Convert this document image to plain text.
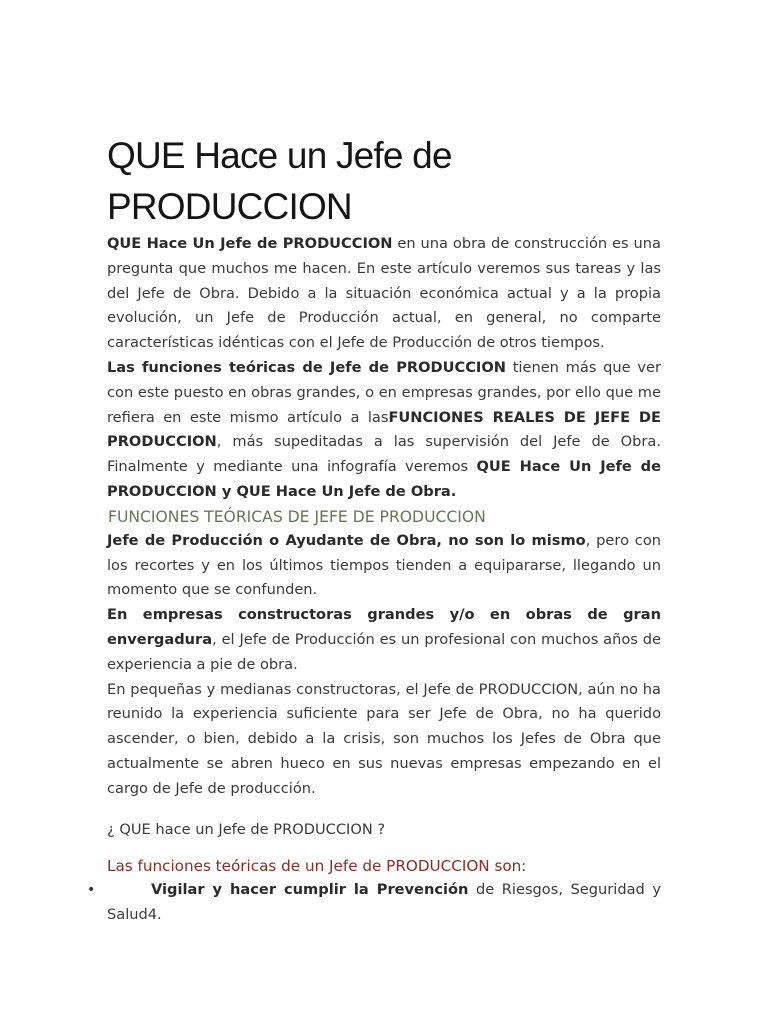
QUE Hace un Jefe de
PRODUCCION

QUE Hace Un Jefe de PRODUCCION en una obra de construcción es una pregunta que muchos me hacen. En este artículo veremos sus tareas y las del Jefe de Obra. Debido a la situación económica actual y a la propia evolución, un Jefe de Producción actual, en general, no comparte características idénticas con el Jefe de Producción de otros tiempos.

Las funciones teóricas de Jefe de PRODUCCION tienen más que ver con este puesto en obras grandes, o en empresas grandes, por ello que me refiera en este mismo artículo a lasFUNCIONES REALES DE JEFE DE PRODUCCION, más supeditadas a las supervisión del Jefe de Obra. Finalmente y mediante una infografía veremos QUE Hace Un Jefe de PRODUCCION y QUE Hace Un Jefe de Obra.

FUNCIONES TEÓRICAS DE JEFE DE PRODUCCION

Jefe de Producción o Ayudante de Obra, no son lo mismo, pero con los recortes y en los últimos tiempos tienden a equipararse, llegando un momento que se confunden.

En empresas constructoras grandes y/o en obras de gran envergadura, el Jefe de Producción es un profesional con muchos años de experiencia a pie de obra.

En pequeñas y medianas constructoras, el Jefe de PRODUCCION, aún no ha reunido la experiencia suficiente para ser Jefe de Obra, no ha querido ascender, o bien, debido a la crisis, son muchos los Jefes de Obra que actualmente se abren hueco en sus nuevas empresas empezando en el cargo de Jefe de producción.

¿ QUE hace un Jefe de PRODUCCION ?

Las funciones teóricas de un Jefe de PRODUCCION son:
•	Vigilar y hacer cumplir la Prevención de Riesgos, Seguridad y Salud4.
